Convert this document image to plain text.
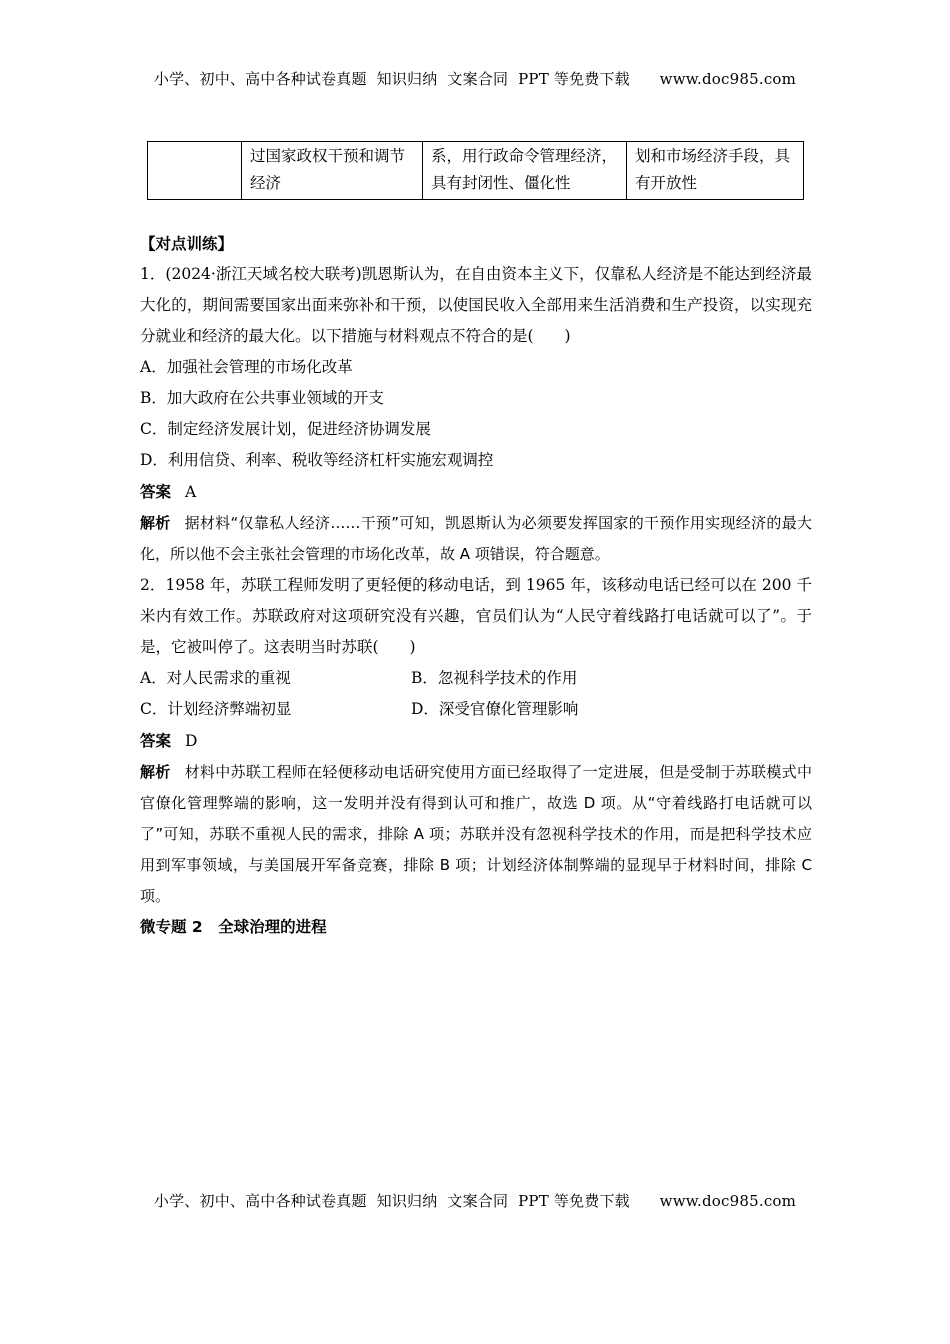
小学、初中、高中各种试卷真题  知识归纳  文案合同  PPT 等免费下载      www.doc985.com
	过国家政权干预和调节经济	系，用行政命令管理经济，具有封闭性、僵化性	划和市场经济手段，具有开放性

【对点训练】

1．(2024·浙江天域名校大联考)凯恩斯认为，在自由资本主义下，仅靠私人经济是不能达到经济最大化的，期间需要国家出面来弥补和干预，以使国民收入全部用来生活消费和生产投资，以实现充分就业和经济的最大化。以下措施与材料观点不符合的是(　　)

A．加强社会管理的市场化改革

B．加大政府在公共事业领域的开支

C．制定经济发展计划，促进经济协调发展

D．利用信贷、利率、税收等经济杠杆实施宏观调控

答案 A

解析 据材料“仅靠私人经济……干预”可知，凯恩斯认为必须要发挥国家的干预作用实现经济的最大化，所以他不会主张社会管理的市场化改革，故 A 项错误，符合题意。

2．1958 年，苏联工程师发明了更轻便的移动电话，到 1965 年，该移动电话已经可以在 200 千米内有效工作。苏联政府对这项研究没有兴趣，官员们认为“人民守着线路打电话就可以了”。于是，它被叫停了。这表明当时苏联(　　)

A．对人民需求的重视	B．忽视科学技术的作用

C．计划经济弊端初显	D．深受官僚化管理影响

答案 D

解析 材料中苏联工程师在轻便移动电话研究使用方面已经取得了一定进展，但是受制于苏联模式中官僚化管理弊端的影响，这一发明并没有得到认可和推广，故选 D 项。从“守着线路打电话就可以了”可知，苏联不重视人民的需求，排除 A 项；苏联并没有忽视科学技术的作用，而是把科学技术应用到军事领域，与美国展开军备竞赛，排除 B 项；计划经济体制弊端的显现早于材料时间，排除 C 项。

微专题 2　全球治理的进程

小学、初中、高中各种试卷真题  知识归纳  文案合同  PPT 等免费下载      www.doc985.com
